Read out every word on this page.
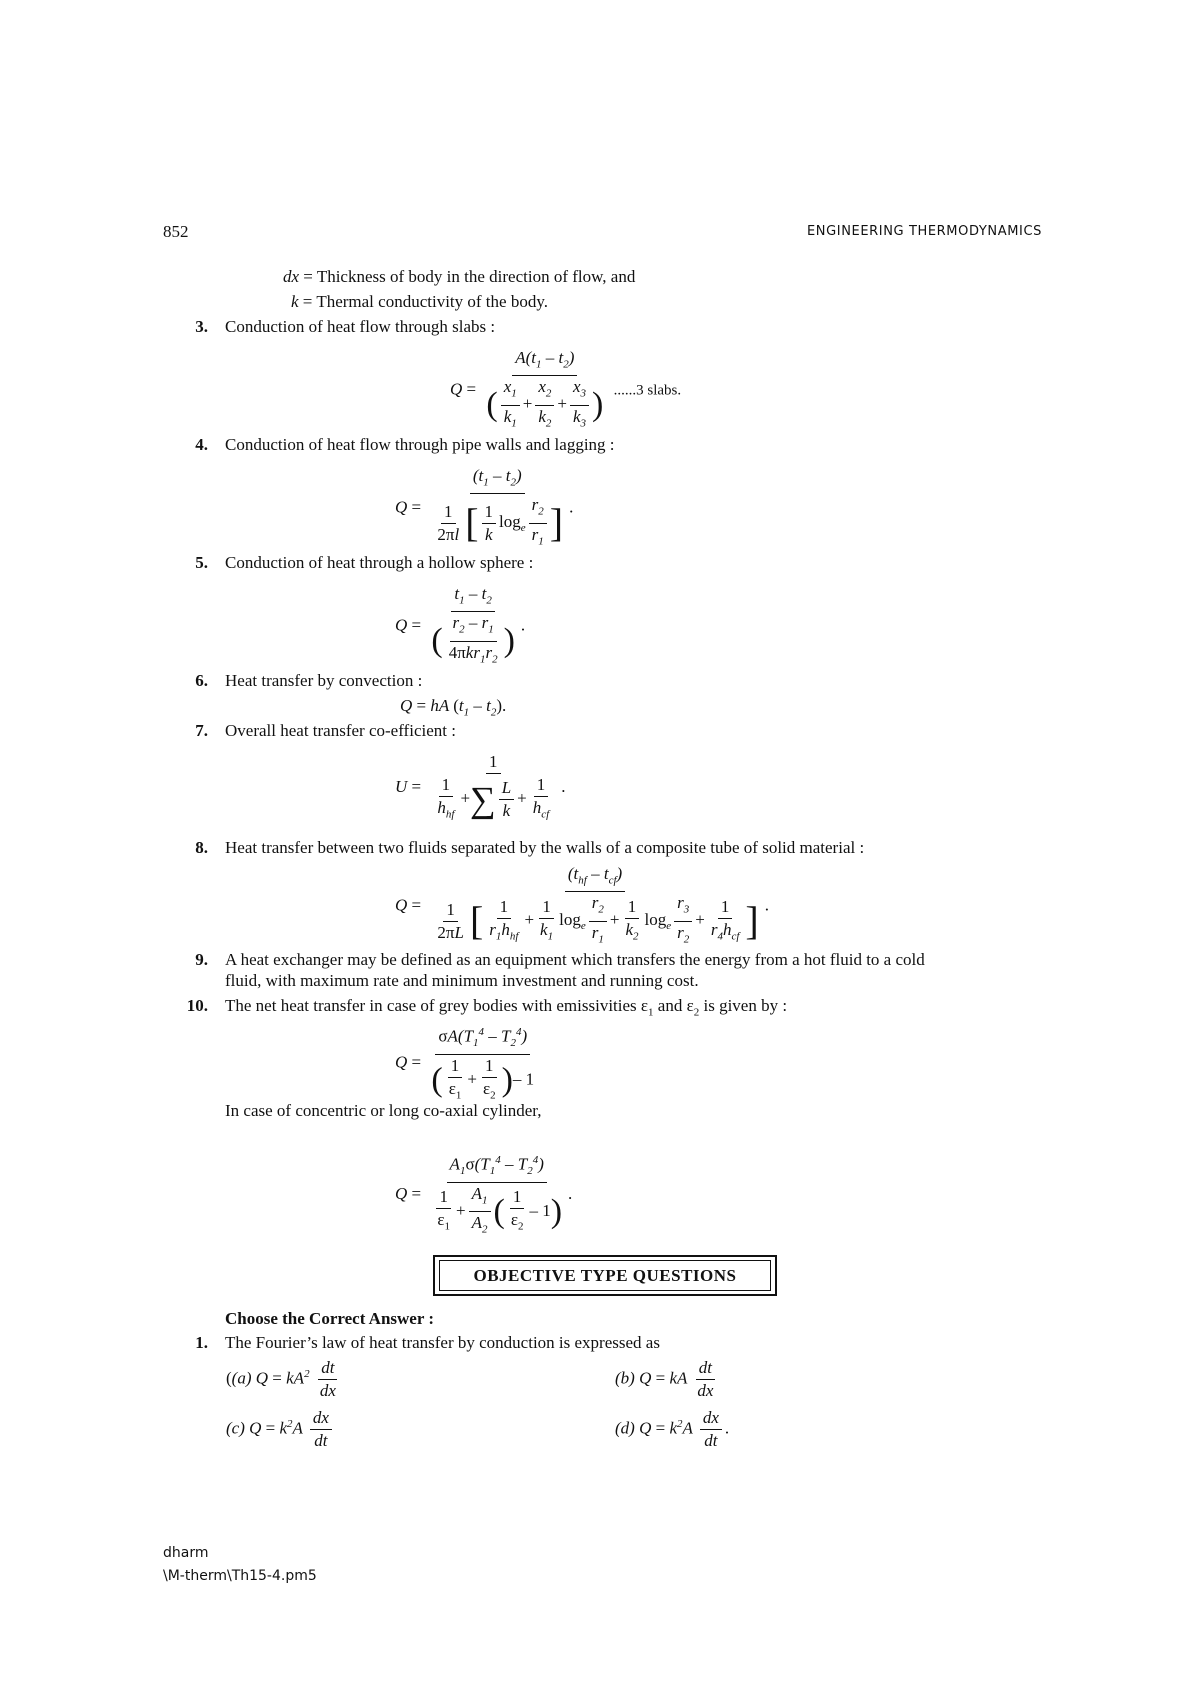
852	ENGINEERING THERMODYNAMICS
dx = Thickness of body in the direction of flow, and
k = Thermal conductivity of the body.
3. Conduction of heat flow through slabs :
$Q = \frac{A(t_1 - t_2)}{( \frac{x_1}{k_1} + \frac{x_2}{k_2} + \frac{x_3}{k_3} )} ......3$ slabs.
4. Conduction of heat flow through pipe walls and lagging :
$Q = \frac{(t_1 - t_2)}{\frac{1}{2\pi l} [ \frac{1}{k} \log_e \frac{r_2}{r_1} ]}$ .
5. Conduction of heat through a hollow sphere :
$Q = \frac{t_1 - t_2}{( \frac{r_2 - r_1}{4\pi kr_1r_2} )}$ .
6. Heat transfer by convection :
Q = hA $(t_1 - t_2)$.
7. Overall heat transfer co-efficient :
$U = \frac{1}{\frac{1}{h_{hf}} +\sum \frac{L}{k} + \frac{1}{h_{cf}}}$ .
8. Heat transfer between two fluids separated by the walls of a composite tube of solid material :
$Q = \frac{(t_{hf} - t_{cf})}{\frac{1}{2\pi L} [ \frac{1}{r_1h_{hf}} + \frac{1}{k_1} \log_e \frac{r_2}{r_1} + \frac{1}{k_2} \log_e \frac{r_3}{r_2} + \frac{1}{r_4h_{cf}} ]}$ .
9. A heat exchanger may be defined as an equipment which transfers the energy from a hot fluid to a cold
fluid, with maximum rate and minimum investment and running cost.
10. The net heat transfer in case of grey bodies with emissivities $\varepsilon_1$ and $\varepsilon_2$ is given by :
$Q = \frac{\sigma A(T_1^4 - T_2^4)}{( \frac{1}{\varepsilon_1} + \frac{1}{\varepsilon_2} )- 1}$
In case of concentric or long co-axial cylinder,
$Q = \frac{A_1\sigma(T_1^4 - T_2^4)}{\frac{1}{\varepsilon_1} + \frac{A_1}{A_2} ( \frac{1}{\varepsilon_2} - 1)}$ .
OBJECTIVE TYPE QUESTIONS
Choose the Correct Answer :
1. The Fourier’s law of heat transfer by conduction is expressed as
((a) $Q = kA^2 \frac{dt}{dx}$	(b) Q = kA $\frac{dt}{dx}$
(c) $Q = k^2A \frac{dx}{dt}$	(d) $Q = k^2A \frac{dx}{dt}$ .
dharm
\M-therm\Th15-4.pm5
